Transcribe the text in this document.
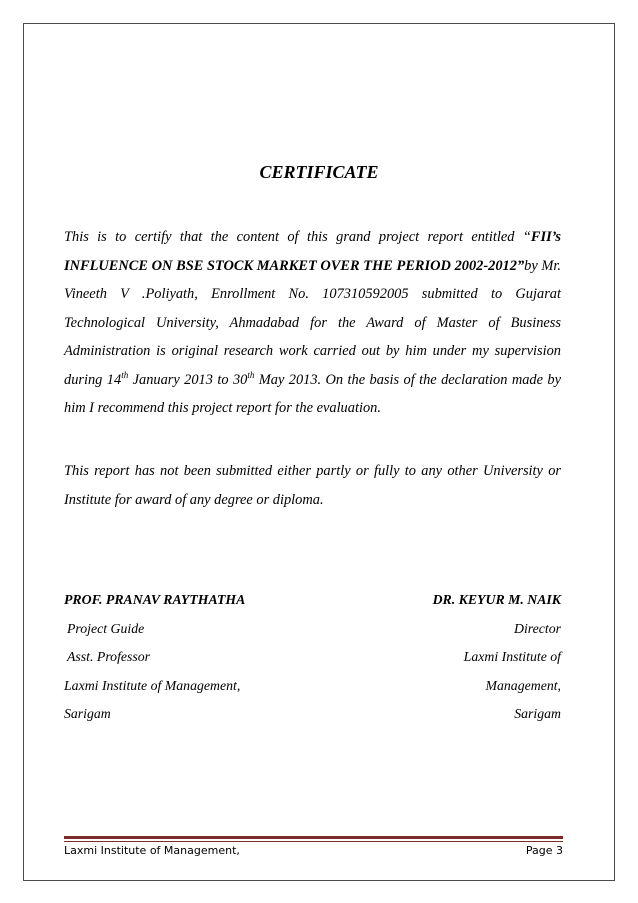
CERTIFICATE

This is to certify that the content of this grand project report entitled “FII’s INFLUENCE ON BSE STOCK MARKET OVER THE PERIOD 2002-2012”by Mr. Vineeth V .Poliyath, Enrollment No. 107310592005 submitted to Gujarat Technological University, Ahmadabad for the Award of Master of Business Administration is original research work carried out by him under my supervision during 14th January 2013 to 30th May 2013. On the basis of the declaration made by him I recommend this project report for the evaluation.

This report has not been submitted either partly or fully to any other University or Institute for award of any degree or diploma.

PROF. PRANAV RAYTHATHA
Project Guide
Asst. Professor
Laxmi Institute of Management,
Sarigam
DR. KEYUR M. NAIK
Director
Laxmi Institute of
Management,
Sarigam
Laxmi Institute of Management,	Page 3
